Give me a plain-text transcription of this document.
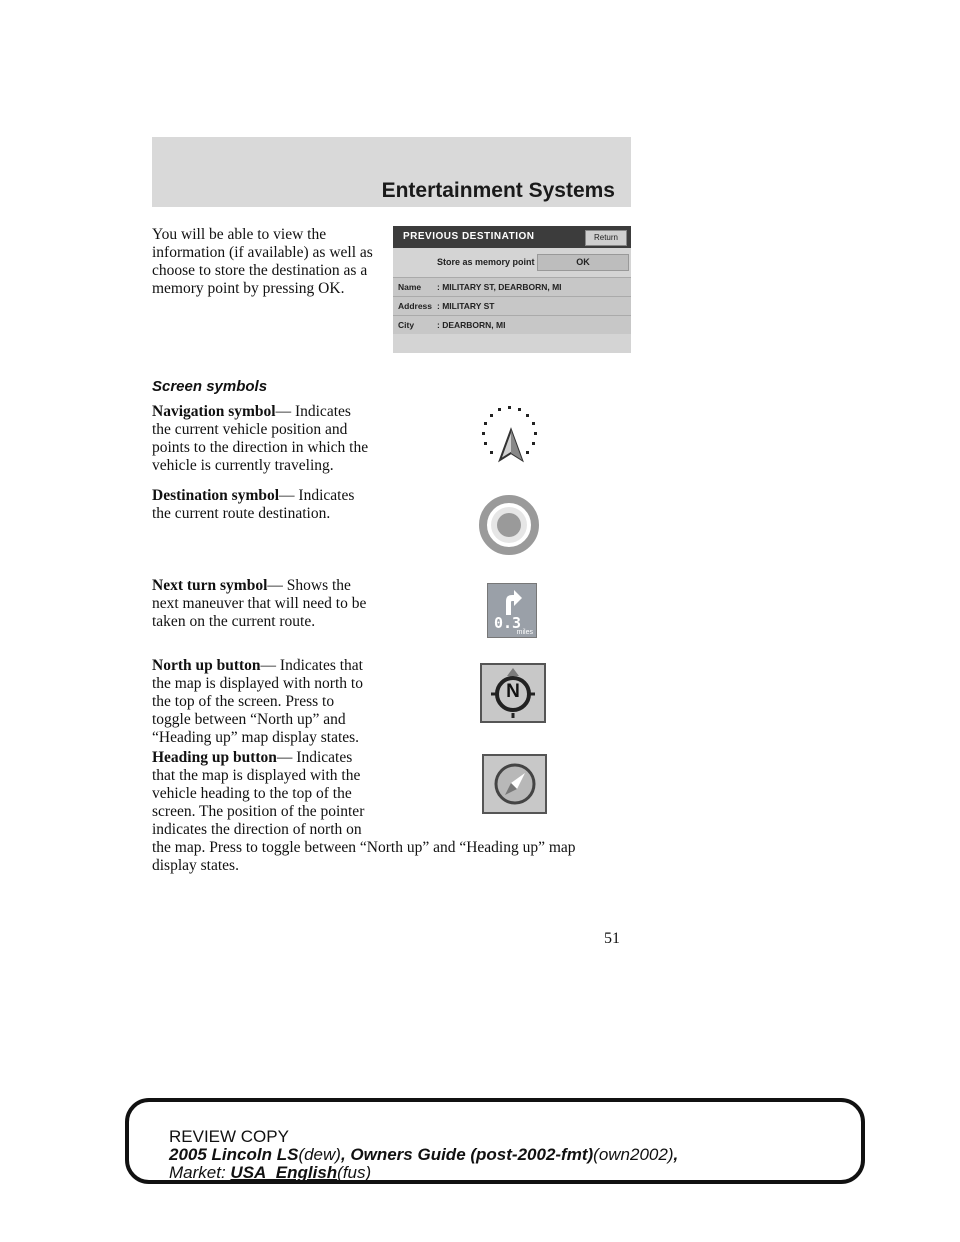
Entertainment Systems
You will be able to view the
information (if available) as well as
choose to store the destination as a
memory point by pressing OK.
PREVIOUS DESTINATION	Return
Store as memory point	OK
Name : MILITARY ST, DEARBORN, MI
Address : MILITARY ST
City	: DEARBORN, MI
Screen symbols
Navigation symbol— Indicates
the current vehicle position and
points to the direction in which the
vehicle is currently traveling.
Destination symbol— Indicates
the current route destination.
Next turn symbol— Shows the
next maneuver that will need to be
taken on the current route.	0.3
miles
North up button— Indicates that
the map is displayed with north to
the top of the screen. Press to
toggle between “North up” and
“Heading up” map display states.
N
Heading up button— Indicates
that the map is displayed with the
vehicle heading to the top of the
screen. The position of the pointer
indicates the direction of north on
the map. Press to toggle between “North up” and “Heading up” map
display states.
51
REVIEW COPY
2005 Lincoln LS(dew), Owners Guide (post-2002-fmt)(own2002),
Market: USA_English(fus)
